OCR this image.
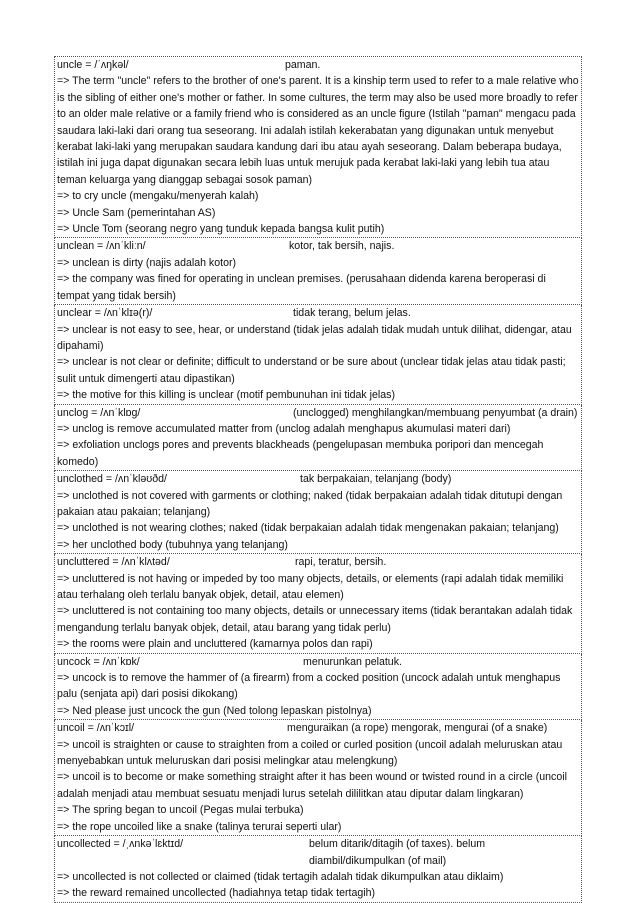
uncle = /ˈʌŋkəl/	paman.
=> The term "uncle" refers to the brother of one's parent. It is a kinship term used to refer to a male relative who is the sibling of either one's mother or father. In some cultures, the term may also be used more broadly to refer to an older male relative or a family friend who is considered as an uncle figure (Istilah "paman" mengacu pada saudara laki-laki dari orang tua seseorang. Ini adalah istilah kekerabatan yang digunakan untuk menyebut kerabat laki-laki yang merupakan saudara kandung dari ibu atau ayah seseorang. Dalam beberapa budaya, istilah ini juga dapat digunakan secara lebih luas untuk merujuk pada kerabat laki-laki yang lebih tua atau teman keluarga yang dianggap sebagai sosok paman)
=> to cry uncle (mengaku/menyerah kalah)
=> Uncle Sam (pemerintahan AS)
=> Uncle Tom (seorang negro yang tunduk kepada bangsa kulit putih)
unclean = /ʌnˈkliːn/	kotor, tak bersih, najis.
=> unclean is dirty (najis adalah kotor)
=> the company was fined for operating in unclean premises. (perusahaan didenda karena beroperasi di tempat yang tidak bersih)
unclear = /ʌnˈklɪə(r)/	tidak terang, belum jelas.
=> unclear is not easy to see, hear, or understand (tidak jelas adalah tidak mudah untuk dilihat, didengar, atau dipahami)
=> unclear is not clear or definite; difficult to understand or be sure about (unclear tidak jelas atau tidak pasti; sulit untuk dimengerti atau dipastikan)
=> the motive for this killing is unclear (motif pembunuhan ini tidak jelas)
unclog = /ʌnˈklɒg/	(unclogged) menghilangkan/membuang penyumbat (a drain)
=> unclog is remove accumulated matter from (unclog adalah menghapus akumulasi materi dari)
=> exfoliation unclogs pores and prevents blackheads (pengelupasan membuka poripori dan mencegah komedo)
unclothed = /ʌnˈkləʊðd/	tak berpakaian, telanjang (body)
=> unclothed is not covered with garments or clothing; naked (tidak berpakaian adalah tidak ditutupi dengan pakaian atau pakaian; telanjang)
=> unclothed is not wearing clothes; naked (tidak berpakaian adalah tidak mengenakan pakaian; telanjang)
=> her unclothed body (tubuhnya yang telanjang)
uncluttered = /ʌnˈklʌtəd/	rapi, teratur, bersih.
=> uncluttered is not having or impeded by too many objects, details, or elements (rapi adalah tidak memiliki atau terhalang oleh terlalu banyak objek, detail, atau elemen)
=> uncluttered is not containing too many objects, details or unnecessary items (tidak berantakan adalah tidak mengandung terlalu banyak objek, detail, atau barang yang tidak perlu)
=> the rooms were plain and uncluttered (kamarnya polos dan rapi)
uncock = /ʌnˈkɒk/	menurunkan pelatuk.
=> uncock is to remove the hammer of (a firearm) from a cocked position (uncock adalah untuk menghapus palu (senjata api) dari posisi dikokang)
=> Ned please just uncock the gun (Ned tolong lepaskan pistolnya)
uncoil = /ʌnˈkɔɪl/	menguraikan (a rope) mengorak, mengurai (of a snake)
=> uncoil is straighten or cause to straighten from a coiled or curled position (uncoil adalah meluruskan atau menyebabkan untuk meluruskan dari posisi melingkar atau melengkung)
=> uncoil is to become or make something straight after it has been wound or twisted round in a circle (uncoil adalah menjadi atau membuat sesuatu menjadi lurus setelah dililitkan atau diputar dalam lingkaran)
=> The spring began to uncoil (Pegas mulai terbuka)
=> the rope uncoiled like a snake (talinya terurai seperti ular)
uncollected = /ˌʌnkəˈlɛktɪd/	belum ditarik/ditagih (of taxes). belum diambil/dikumpulkan (of mail)
=> uncollected is not collected or claimed (tidak tertagih adalah tidak dikumpulkan atau diklaim)
=> the reward remained uncollected (hadiahnya tetap tidak tertagih)
